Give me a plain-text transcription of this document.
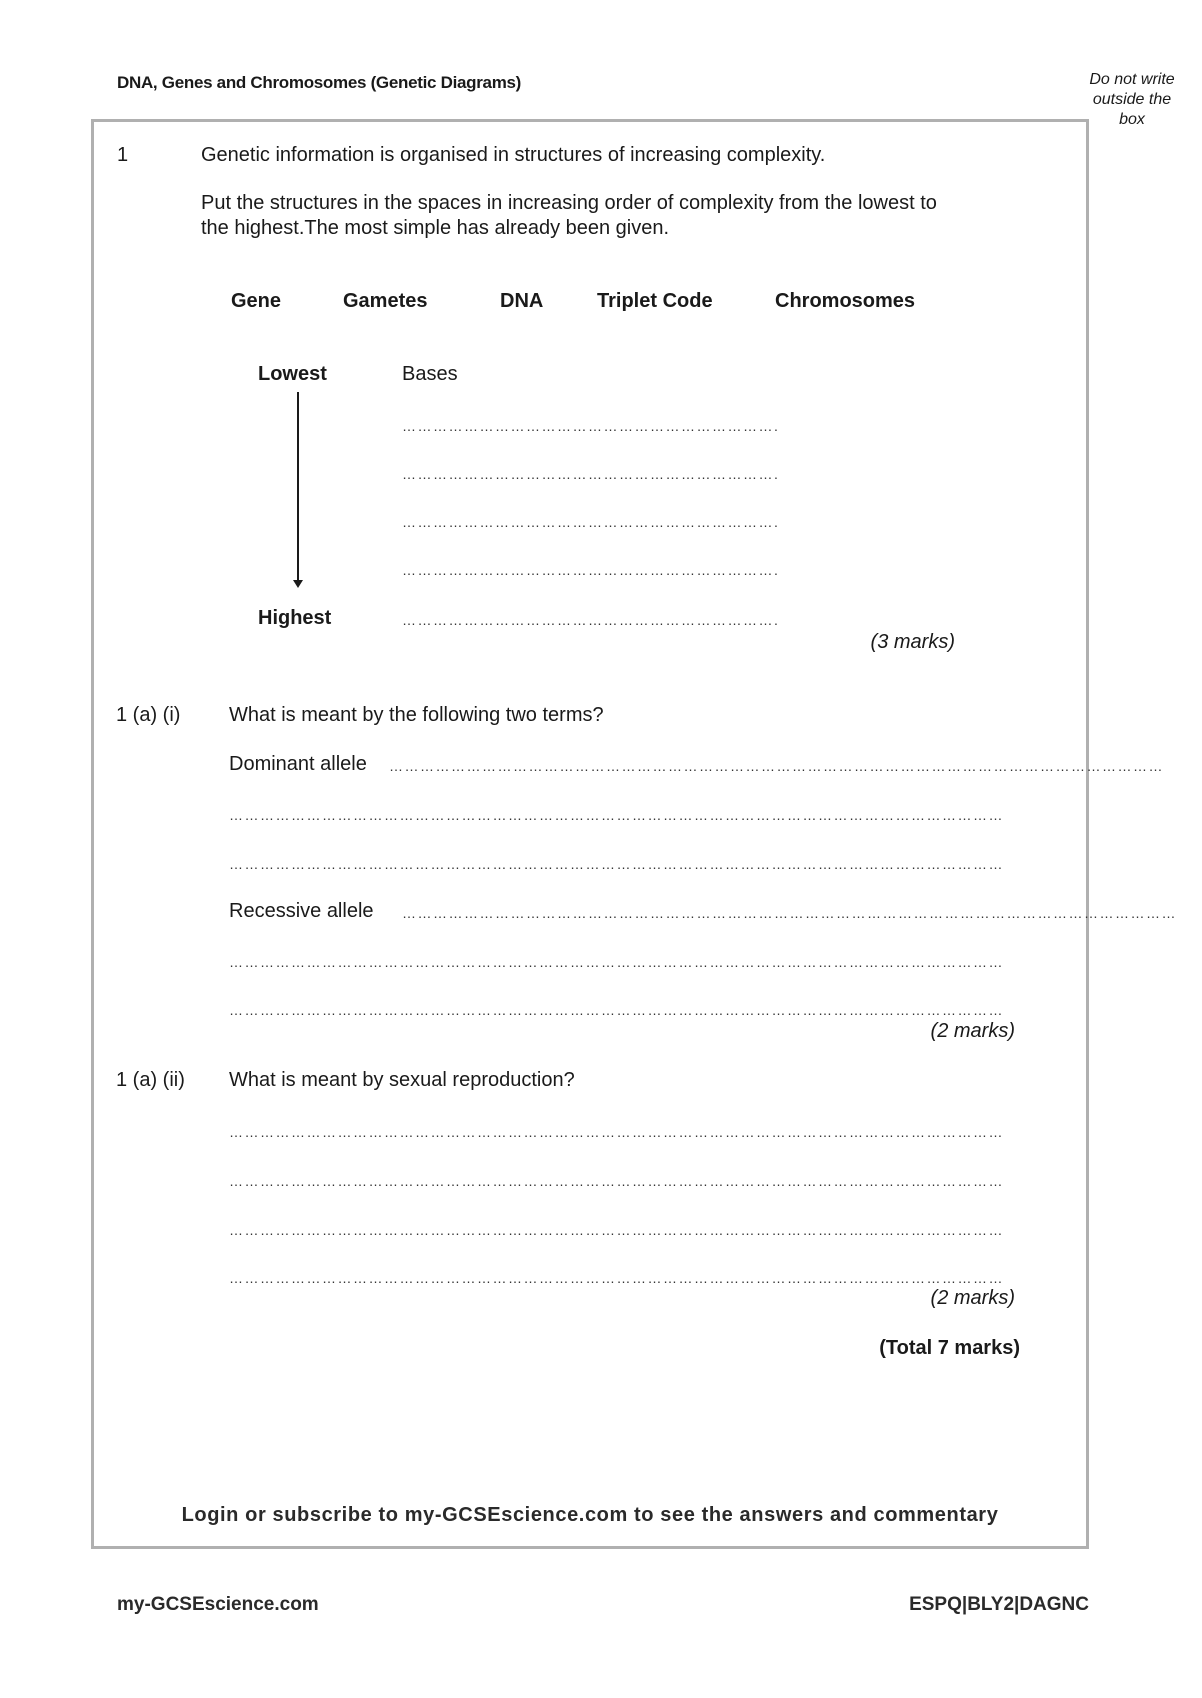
DNA, Genes and Chromosomes (Genetic Diagrams)	Do not write
outside the
box
1	Genetic information is organised in structures of increasing complexity.
Put the structures in the spaces in increasing order of complexity from the lowest to
the highest.The most simple has already been given.
Gene	Gametes	DNA	Triplet Code	Chromosomes
Lowest
Highest
Bases
……………………………………………………………….
……………………………………………………………….
……………………………………………………………….
……………………………………………………………….
……………………………………………………………….
(3 marks)
1 (a) (i) What is meant by the following two terms?
Dominant allele ……………………………………………………………………………………………………………………………………
……………………………………………………………………………………………………………………………………
……………………………………………………………………………………………………………………………………
Recessive allele ……………………………………………………………………………………………………………………………………
……………………………………………………………………………………………………………………………………
……………………………………………………………………………………………………………………………………
(2 marks)
1 (a) (ii) What is meant by sexual reproduction?
……………………………………………………………………………………………………………………………………
……………………………………………………………………………………………………………………………………
……………………………………………………………………………………………………………………………………
……………………………………………………………………………………………………………………………………
(2 marks)
(Total 7 marks)
Login or subscribe to my-GCSEscience.com to see the answers and commentary
my-GCSEscience.com	ESPQ|BLY2|DAGNC
